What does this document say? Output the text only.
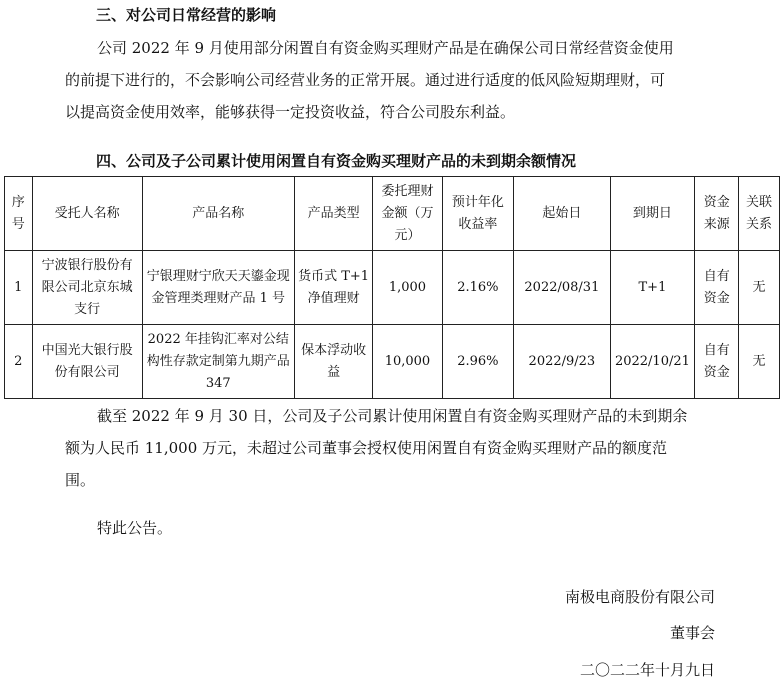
三、对公司日常经营的影响
公司 2022 年 9 月使用部分闲置自有资金购买理财产品是在确保公司日常经营资金使用
的前提下进行的，不会影响公司经营业务的正常开展。通过进行适度的低风险短期理财，可
以提高资金使用效率，能够获得一定投资收益，符合公司股东利益。
四、公司及子公司累计使用闲置自有资金购买理财产品的未到期余额情况
序号	受托人名称	产品名称	产品类型	委托理财金额（万元）	预计年化收益率	起始日	到期日	资金来源	关联关系
1	宁波银行股份有限公司北京东城支行	宁银理财宁欣天天鎏金现金管理类理财产品 1 号	货币式 T+1 净值理财	1,000	2.16%	2022/08/31	T+1	自有资金	无
2	中国光大银行股份有限公司	2022 年挂钩汇率对公结构性存款定制第九期产品 347	保本浮动收益	10,000	2.96%	2022/9/23	2022/10/21	自有资金	无
截至 2022 年 9 月 30 日，公司及子公司累计使用闲置自有资金购买理财产品的未到期余
额为人民币 11,000 万元，未超过公司董事会授权使用闲置自有资金购买理财产品的额度范
围。
特此公告。
南极电商股份有限公司
董事会
二〇二二年十月九日
